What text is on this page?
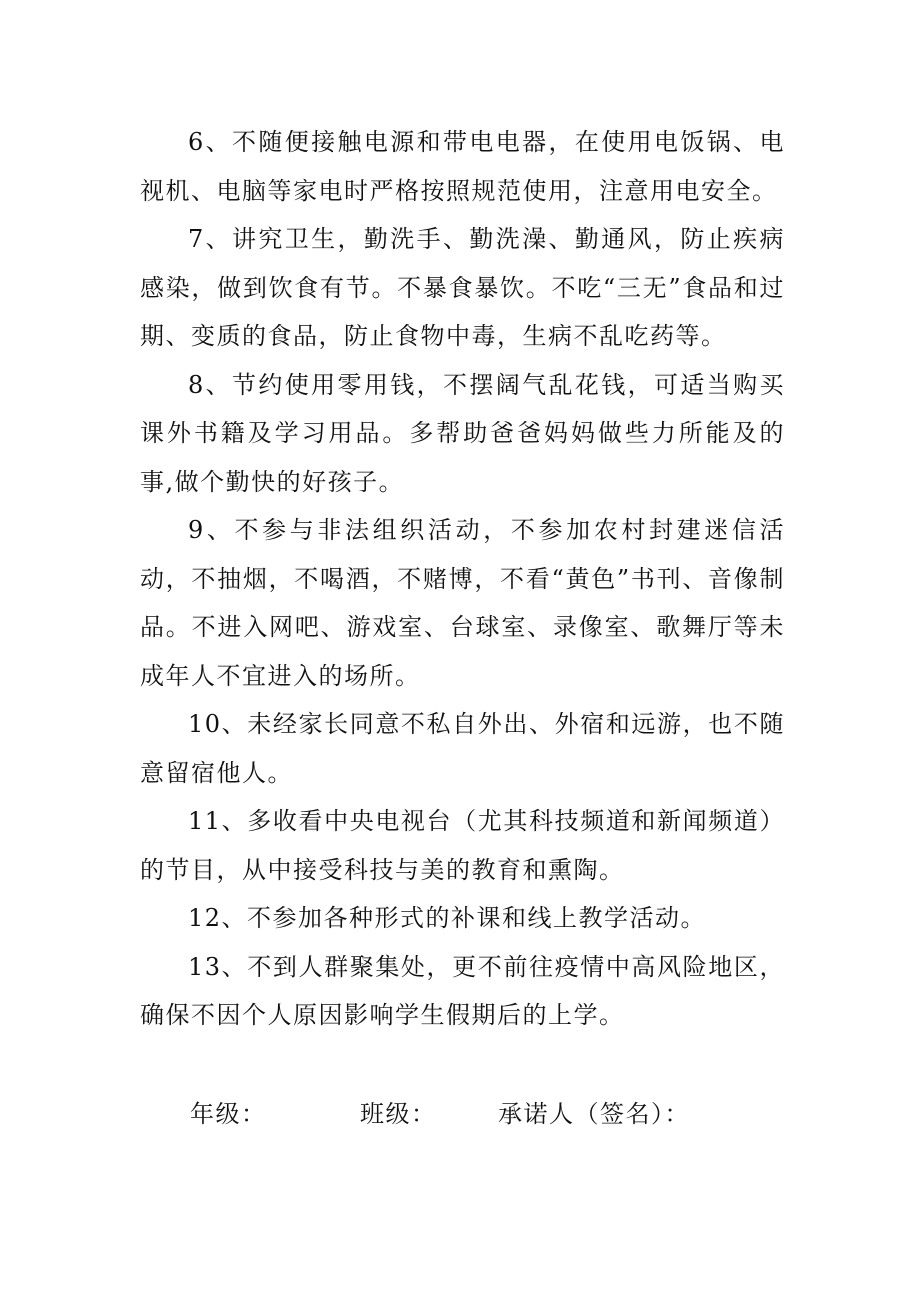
6、不随便接触电源和带电电器，在使用电饭锅、电视机、电脑等家电时严格按照规范使用，注意用电安全。

7、讲究卫生，勤洗手、勤洗澡、勤通风，防止疾病感染，做到饮食有节。不暴食暴饮。不吃“三无”食品和过期、变质的食品，防止食物中毒，生病不乱吃药等。

8、节约使用零用钱，不摆阔气乱花钱，可适当购买课外书籍及学习用品。多帮助爸爸妈妈做些力所能及的事,做个勤快的好孩子。

9、不参与非法组织活动，不参加农村封建迷信活动，不抽烟，不喝酒，不赌博，不看“黄色”书刊、音像制品。不进入网吧、游戏室、台球室、录像室、歌舞厅等未成年人不宜进入的场所。

10、未经家长同意不私自外出、外宿和远游，也不随意留宿他人。

11、多收看中央电视台（尤其科技频道和新闻频道）的节目，从中接受科技与美的教育和熏陶。

12、不参加各种形式的补课和线上教学活动。

13、不到人群聚集处，更不前往疫情中高风险地区，确保不因个人原因影响学生假期后的上学。

年级：	班级：	承诺人（签名）：
